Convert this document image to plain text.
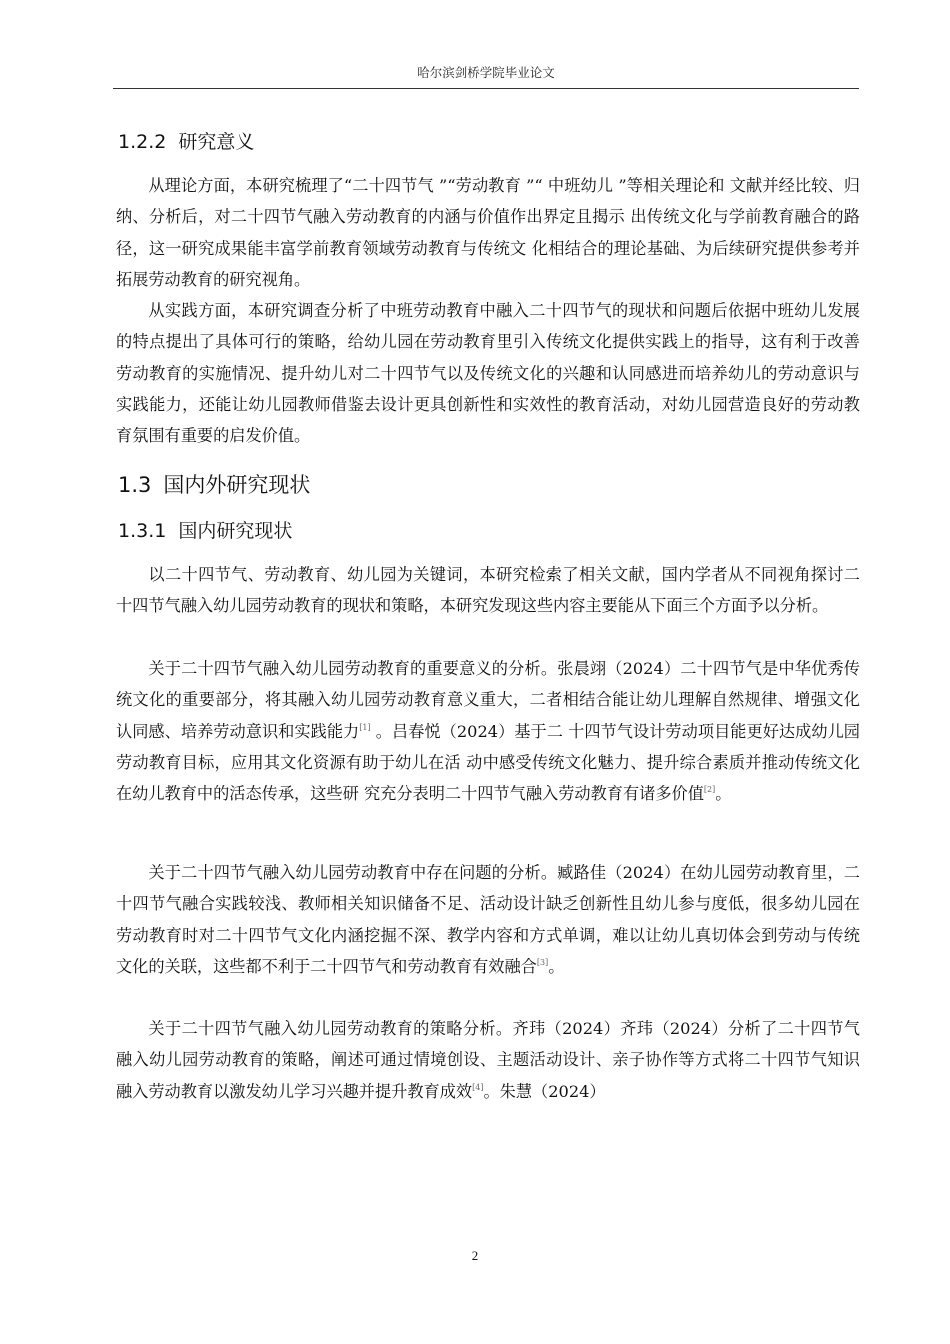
哈尔滨剑桥学院毕业论文
1.2.2 研究意义

从理论方面，本研究梳理了“二十四节气 ”“劳动教育 ”“ 中班幼儿 ”等相关理论和 文献并经比较、归纳、分析后，对二十四节气融入劳动教育的内涵与价值作出界定且揭示 出传统文化与学前教育融合的路径，这一研究成果能丰富学前教育领域劳动教育与传统文 化相结合的理论基础、为后续研究提供参考并拓展劳动教育的研究视角。

从实践方面，本研究调查分析了中班劳动教育中融入二十四节气的现状和问题后依据中班幼儿发展的特点提出了具体可行的策略，给幼儿园在劳动教育里引入传统文化提供实践上的指导，这有利于改善劳动教育的实施情况、提升幼儿对二十四节气以及传统文化的兴趣和认同感进而培养幼儿的劳动意识与实践能力，还能让幼儿园教师借鉴去设计更具创新性和实效性的教育活动，对幼儿园营造良好的劳动教育氛围有重要的启发价值。

1.3 国内外研究现状
1.3.1 国内研究现状

以二十四节气、劳动教育、幼儿园为关键词，本研究检索了相关文献，国内学者从不同视角探讨二十四节气融入幼儿园劳动教育的现状和策略，本研究发现这些内容主要能从下面三个方面予以分析。

关于二十四节气融入幼儿园劳动教育的重要意义的分析。张晨翊（2024）二十四节气是中华优秀传统文化的重要部分，将其融入幼儿园劳动教育意义重大，二者相结合能让幼儿理解自然规律、增强文化认同感、培养劳动意识和实践能力[1] 。吕春悦（2024）基于二 十四节气设计劳动项目能更好达成幼儿园劳动教育目标，应用其文化资源有助于幼儿在活 动中感受传统文化魅力、提升综合素质并推动传统文化在幼儿教育中的活态传承，这些研 究充分表明二十四节气融入劳动教育有诸多价值[2]。

关于二十四节气融入幼儿园劳动教育中存在问题的分析。臧路佳（2024）在幼儿园劳动教育里，二十四节气融合实践较浅、教师相关知识储备不足、活动设计缺乏创新性且幼儿参与度低，很多幼儿园在劳动教育时对二十四节气文化内涵挖掘不深、教学内容和方式单调，难以让幼儿真切体会到劳动与传统文化的关联，这些都不利于二十四节气和劳动教育有效融合[3]。

关于二十四节气融入幼儿园劳动教育的策略分析。齐玮（2024）齐玮（2024）分析了二十四节气融入幼儿园劳动教育的策略，阐述可通过情境创设、主题活动设计、亲子协作等方式将二十四节气知识融入劳动教育以激发幼儿学习兴趣并提升教育成效[4]。朱慧（2024）

2
